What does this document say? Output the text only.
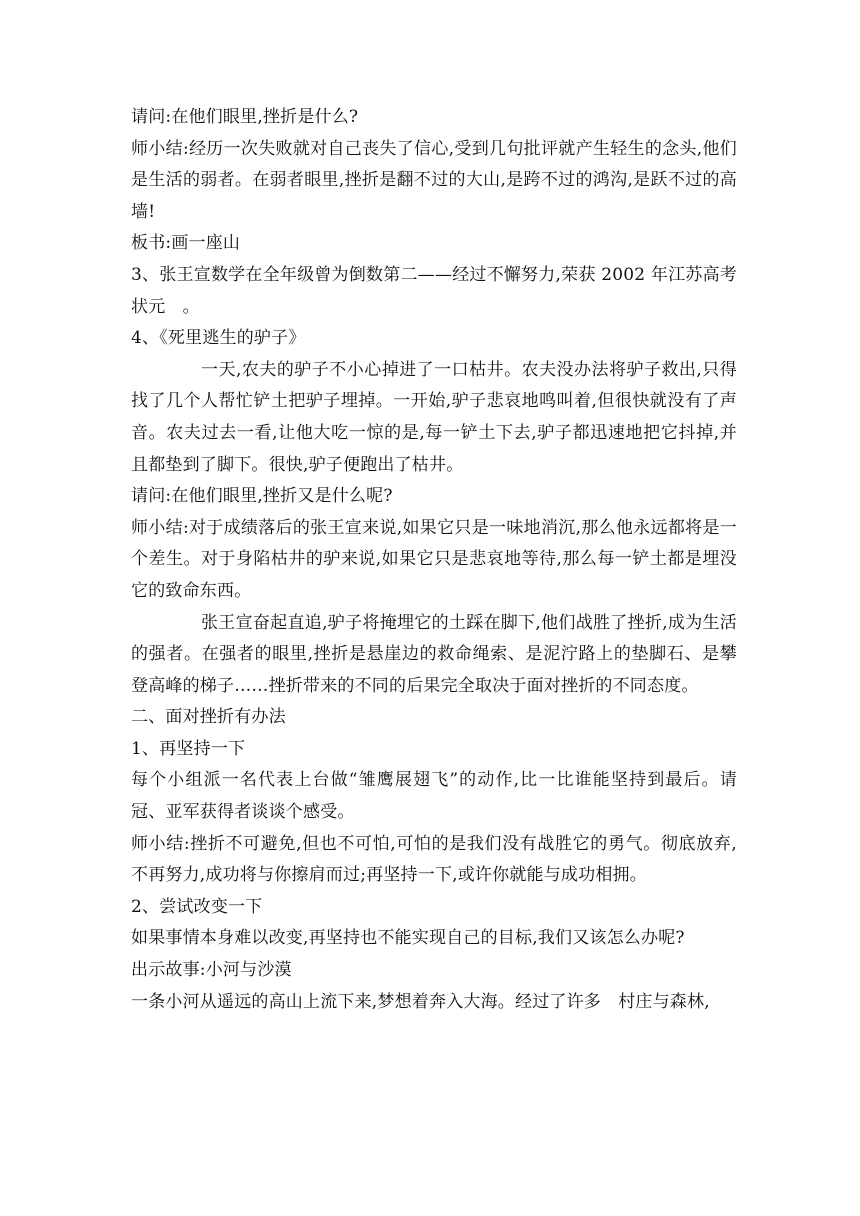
请问:在他们眼里,挫折是什么?

师小结:经历一次失败就对自己丧失了信心,受到几句批评就产生轻生的念头,他们是生活的弱者。在弱者眼里,挫折是翻不过的大山,是跨不过的鸿沟,是跃不过的高墙!

板书:画一座山

3、张王宣数学在全年级曾为倒数第二——经过不懈努力,荣获 2002 年江苏高考状元　。

4、《死里逃生的驴子》

一天,农夫的驴子不小心掉进了一口枯井。农夫没办法将驴子救出,只得找了几个人帮忙铲土把驴子埋掉。一开始,驴子悲哀地鸣叫着,但很快就没有了声音。农夫过去一看,让他大吃一惊的是,每一铲土下去,驴子都迅速地把它抖掉,并且都垫到了脚下。很快,驴子便跑出了枯井。

请问:在他们眼里,挫折又是什么呢?

师小结:对于成绩落后的张王宣来说,如果它只是一味地消沉,那么他永远都将是一个差生。对于身陷枯井的驴来说,如果它只是悲哀地等待,那么每一铲土都是埋没它的致命东西。

张王宣奋起直追,驴子将掩埋它的土踩在脚下,他们战胜了挫折,成为生活的强者。在强者的眼里,挫折是悬崖边的救命绳索、是泥泞路上的垫脚石、是攀登高峰的梯子……挫折带来的不同的后果完全取决于面对挫折的不同态度。

二、面对挫折有办法

1、再坚持一下

每个小组派一名代表上台做“雏鹰展翅飞”的动作,比一比谁能坚持到最后。请冠、亚军获得者谈谈个感受。

师小结:挫折不可避免,但也不可怕,可怕的是我们没有战胜它的勇气。彻底放弃,不再努力,成功将与你擦肩而过;再坚持一下,或许你就能与成功相拥。

2、尝试改变一下

如果事情本身难以改变,再坚持也不能实现自己的目标,我们又该怎么办呢?

出示故事:小河与沙漠

一条小河从遥远的高山上流下来,梦想着奔入大海。经过了许多　村庄与森林,
